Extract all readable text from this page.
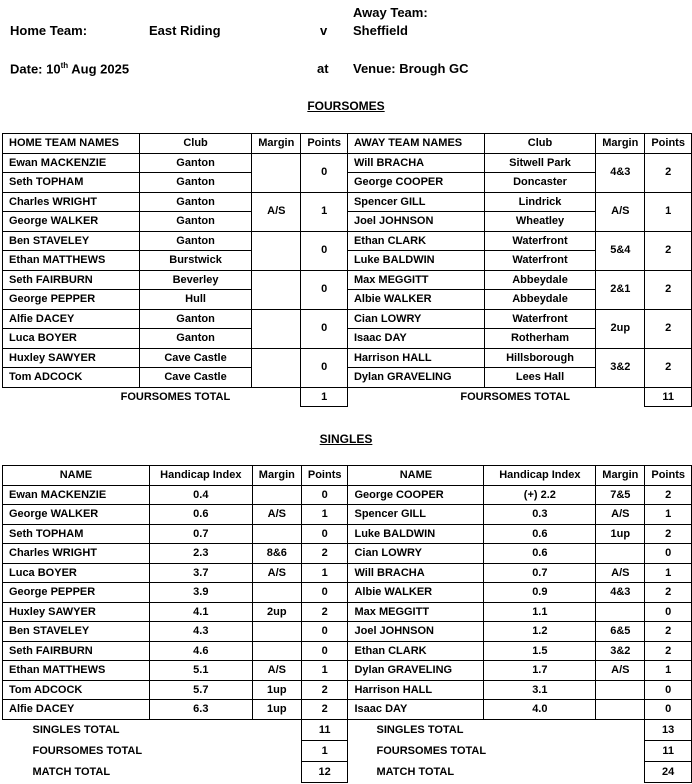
Home Team:	East Riding	v
Away Team:
Sheffield
Date: 10th Aug 2025	at Venue: Brough GC
FOURSOMES
HOME TEAM NAMES	Club	Margin	Points	AWAY TEAM NAMES	Club	Margin	Points
Ewan MACKENZIE	Ganton		0	Will BRACHA	Sitwell Park	4&3	2
Seth TOPHAM	Ganton			George COOPER	Doncaster		
Charles WRIGHT	Ganton	A/S	1	Spencer GILL	Lindrick	A/S	1
George WALKER	Ganton			Joel JOHNSON	Wheatley		
Ben STAVELEY	Ganton		0	Ethan CLARK	Waterfront	5&4	2
Ethan MATTHEWS	Burstwick			Luke BALDWIN	Waterfront		
Seth FAIRBURN	Beverley		0	Max MEGGITT	Abbeydale	2&1	2
George PEPPER	Hull			Albie WALKER	Abbeydale		
Alfie DACEY	Ganton		0	Cian LOWRY	Waterfront	2up	2
Luca BOYER	Ganton			Isaac DAY	Rotherham		
Huxley SAWYER	Cave Castle		0	Harrison HALL	Hillsborough	3&2	2
Tom ADCOCK	Cave Castle			Dylan GRAVELING	Lees Hall		
FOURSOMES TOTAL			1	FOURSOMES TOTAL			11
SINGLES
NAME	Handicap Index	Margin	Points	NAME	Handicap Index	Margin	Points
Ewan MACKENZIE	0.4		0	George COOPER	(+) 2.2	7&5	2
George WALKER	0.6	A/S	1	Spencer GILL	0.3	A/S	1
Seth TOPHAM	0.7		0	Luke BALDWIN	0.6	1up	2
Charles WRIGHT	2.3	8&6	2	Cian LOWRY	0.6		0
Luca BOYER	3.7	A/S	1	Will BRACHA	0.7	A/S	1
George PEPPER	3.9		0	Albie WALKER	0.9	4&3	2
Huxley SAWYER	4.1	2up	2	Max MEGGITT	1.1		0
Ben STAVELEY	4.3		0	Joel JOHNSON	1.2	6&5	2
Seth FAIRBURN	4.6		0	Ethan CLARK	1.5	3&2	2
Ethan MATTHEWS	5.1	A/S	1	Dylan GRAVELING	1.7	A/S	1
Tom ADCOCK	5.7	1up	2	Harrison HALL	3.1		0
Alfie DACEY	6.3	1up	2	Isaac DAY	4.0		0
SINGLES TOTAL			11	SINGLES TOTAL			13
FOURSOMES TOTAL			1	FOURSOMES TOTAL			11
MATCH TOTAL			12	MATCH TOTAL			24
